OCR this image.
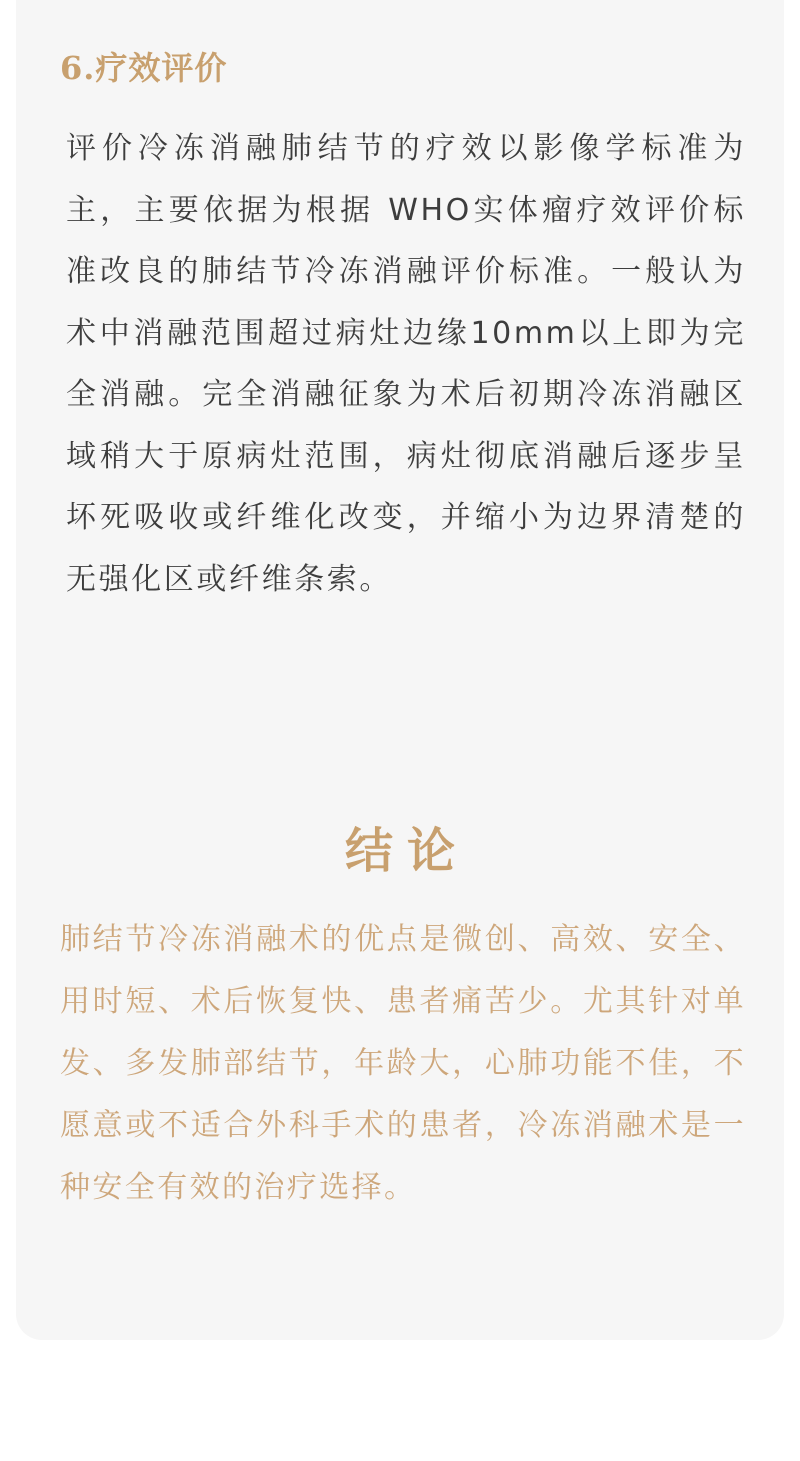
6.疗效评价

评价冷冻消融肺结节的疗效以影像学标准为主，主要依据为根据 WHO实体瘤疗效评价标准改良的肺结节冷冻消融评价标准。一般认为术中消融范围超过病灶边缘10mm以上即为完全消融。完全消融征象为术后初期冷冻消融区域稍大于原病灶范围，病灶彻底消融后逐步呈坏死吸收或纤维化改变，并缩小为边界清楚的无强化区或纤维条索。

结论

肺结节冷冻消融术的优点是微创、高效、安全、用时短、术后恢复快、患者痛苦少。尤其针对单发、多发肺部结节，年龄大，心肺功能不佳，不愿意或不适合外科手术的患者，冷冻消融术是一种安全有效的治疗选择。
